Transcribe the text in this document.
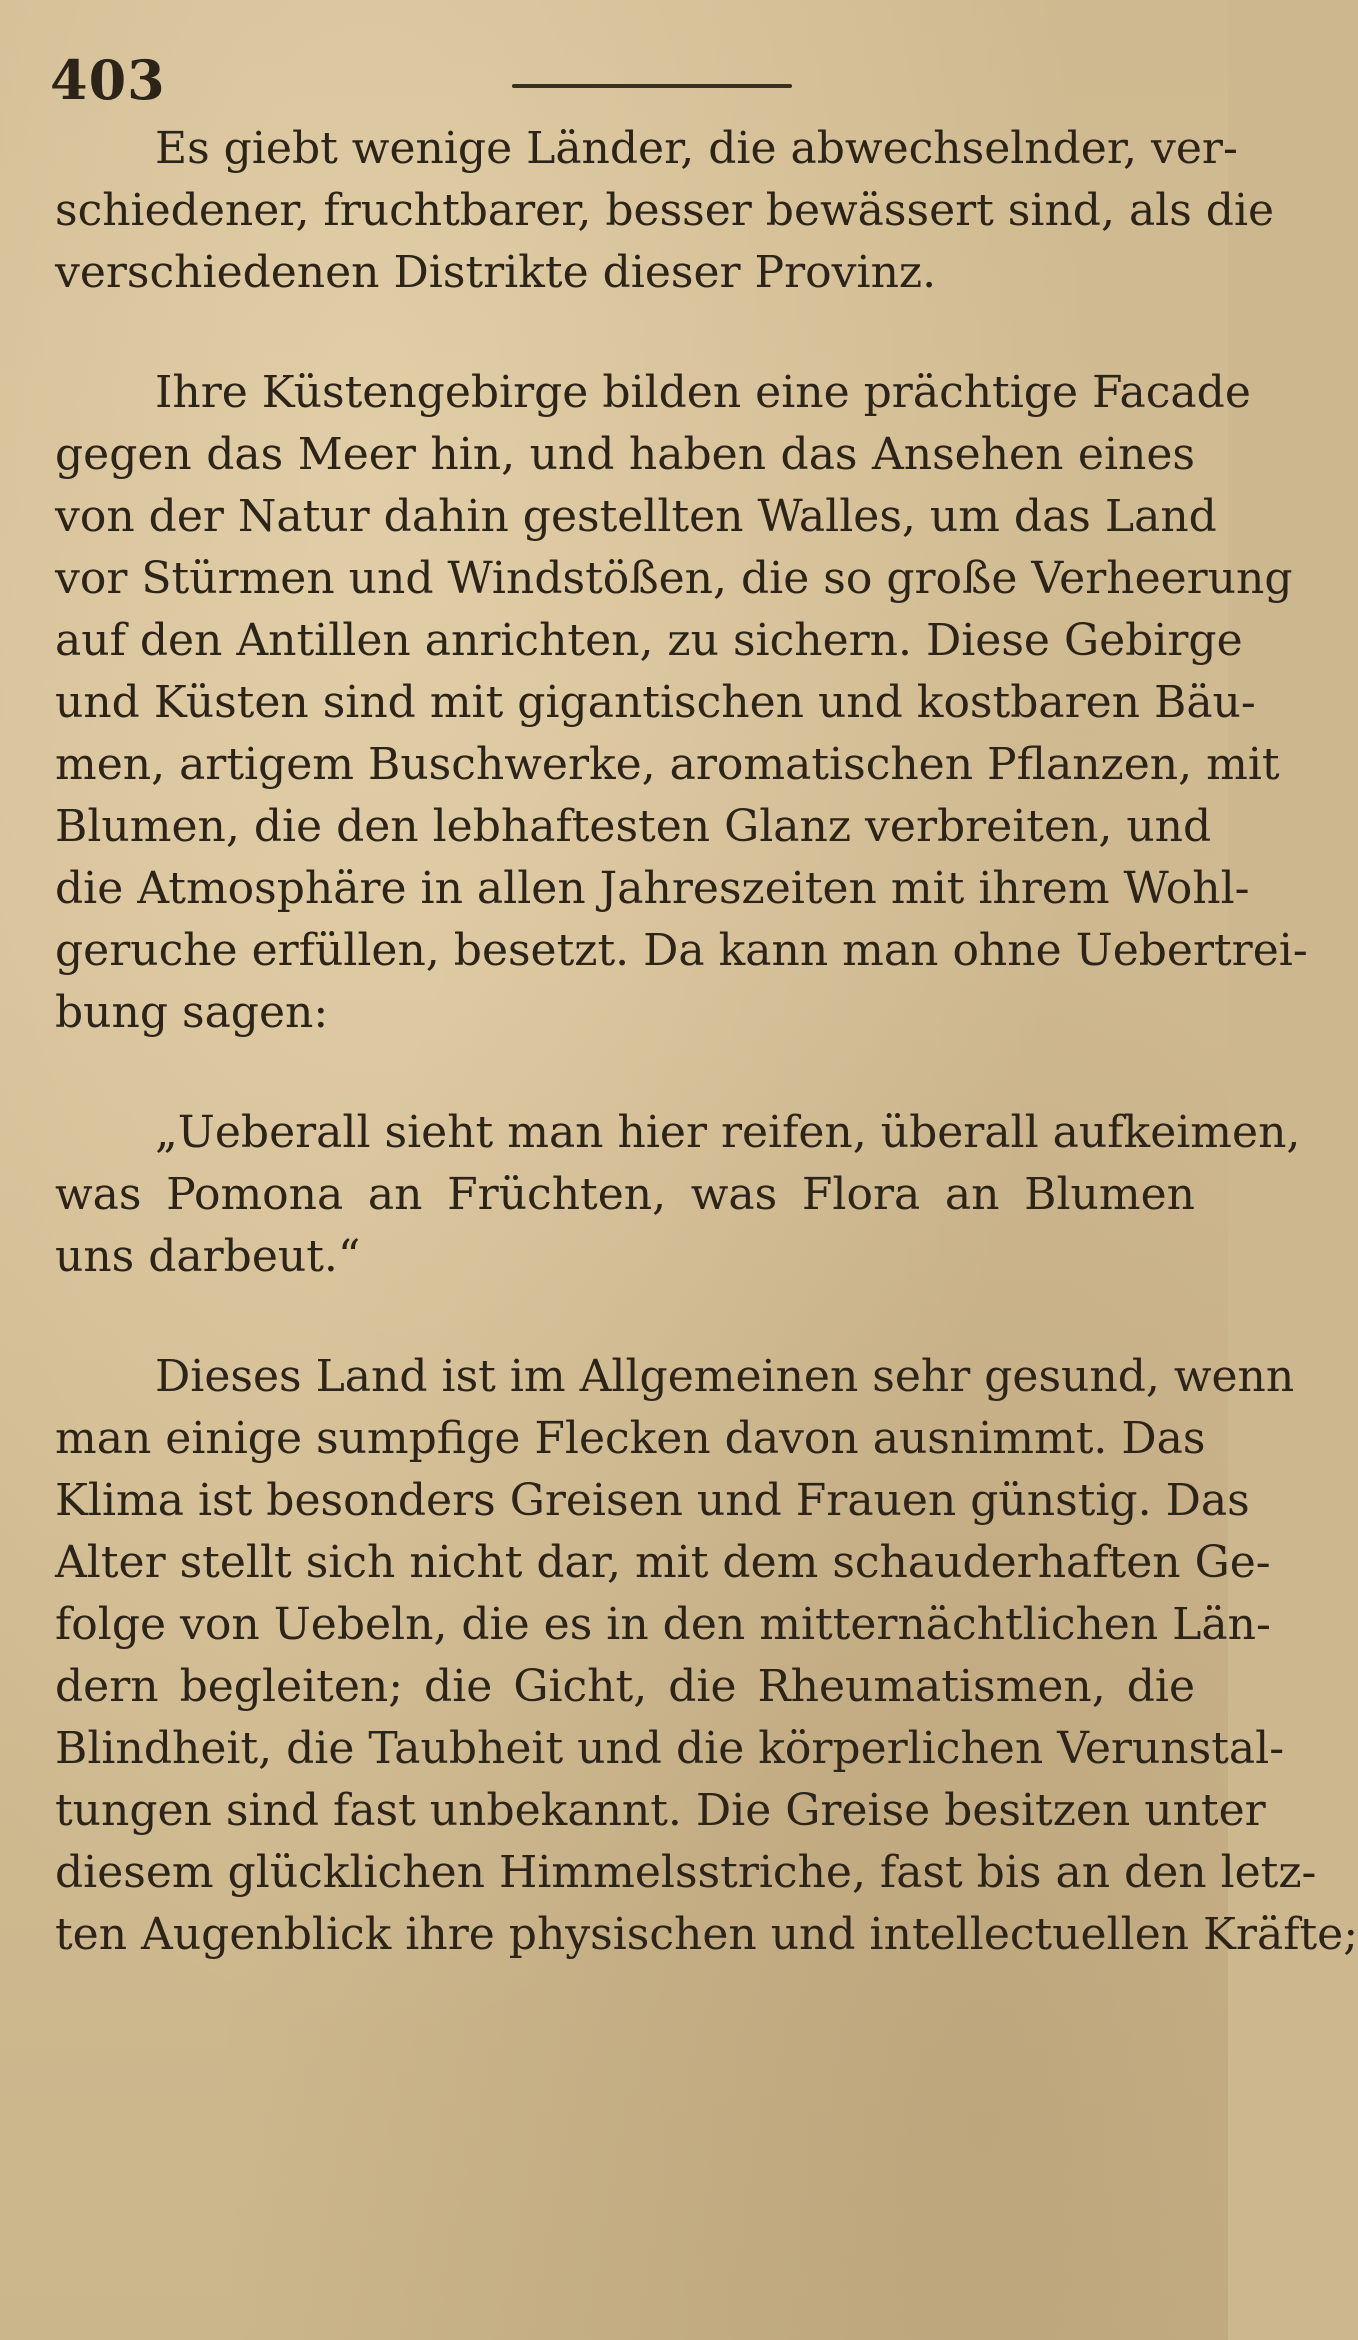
403
Es giebt wenige Länder, die abwechselnder, ver-
schiedener, fruchtbarer, besser bewässert sind, als die
verschiedenen Distrikte dieser Provinz.
Ihre Küstengebirge bilden eine prächtige Facade
gegen das Meer hin, und haben das Ansehen eines
von der Natur dahin gestellten Walles, um das Land
vor Stürmen und Windstößen, die so große Verheerung
auf den Antillen anrichten, zu sichern. Diese Gebirge
und Küsten sind mit gigantischen und kostbaren Bäu-
men, artigem Buschwerke, aromatischen Pflanzen, mit
Blumen, die den lebhaftesten Glanz verbreiten, und
die Atmosphäre in allen Jahreszeiten mit ihrem Wohl-
geruche erfüllen, besetzt. Da kann man ohne Uebertrei-
bung sagen:
„Ueberall sieht man hier reifen, überall aufkeimen,
was Pomona an Früchten, was Flora an Blumen
uns darbeut.“
Dieses Land ist im Allgemeinen sehr gesund, wenn
man einige sumpfige Flecken davon ausnimmt. Das
Klima ist besonders Greisen und Frauen günstig. Das
Alter stellt sich nicht dar, mit dem schauderhaften Ge-
folge von Uebeln, die es in den mitternächtlichen Län-
dern begleiten; die Gicht, die Rheumatismen, die
Blindheit, die Taubheit und die körperlichen Verunstal-
tungen sind fast unbekannt. Die Greise besitzen unter
diesem glücklichen Himmelsstriche, fast bis an den letz-
ten Augenblick ihre physischen und intellectuellen Kräfte;
